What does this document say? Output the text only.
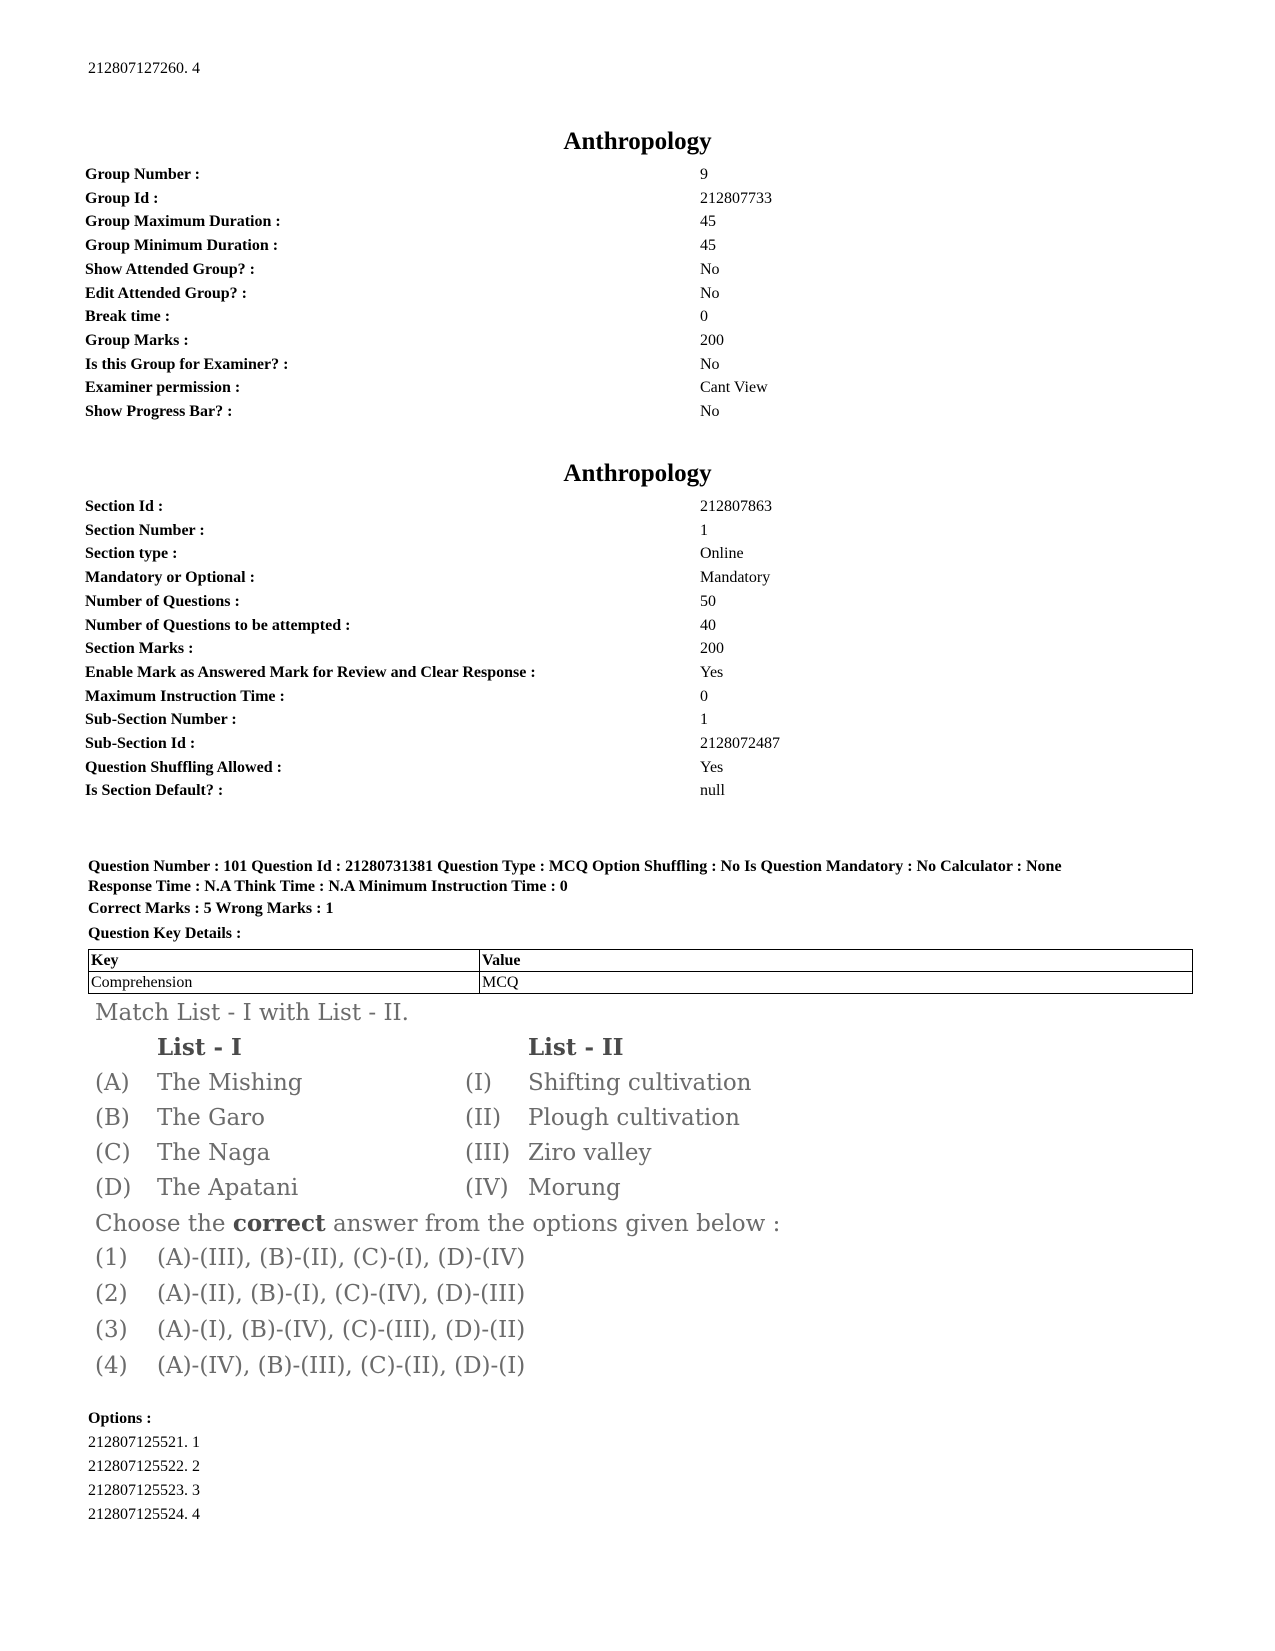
212807127260. 4
Anthropology
Group Number :	9
Group Id :	212807733
Group Maximum Duration :	45
Group Minimum Duration :	45
Show Attended Group? :	No
Edit Attended Group? :	No
Break time :	0
Group Marks :	200
Is this Group for Examiner? :	No
Examiner permission :	Cant View
Show Progress Bar? :	No
Anthropology
Section Id :	212807863
Section Number :	1
Section type :	Online
Mandatory or Optional :	Mandatory
Number of Questions :	50
Number of Questions to be attempted :	40
Section Marks :	200
Enable Mark as Answered Mark for Review and Clear Response :	Yes
Maximum Instruction Time :	0
Sub-Section Number :	1
Sub-Section Id :	2128072487
Question Shuffling Allowed :	Yes
Is Section Default? :	null
Question Number : 101 Question Id : 21280731381 Question Type : MCQ Option Shuffling : No Is Question Mandatory : No Calculator : None
Response Time : N.A Think Time : N.A Minimum Instruction Time : 0
Correct Marks : 5 Wrong Marks : 1
Question Key Details :
Key	Value
Comprehension	MCQ
Match List - I with List - II.
List - I	List - II
(A) The Mishing	(I) Shifting cultivation
(B) The Garo	(II) Plough cultivation
(C) The Naga	(III) Ziro valley
(D) The Apatani	(IV) Morung
Choose the correct answer from the options given below :
(1) (A)-(III), (B)-(II), (C)-(I), (D)-(IV)
(2) (A)-(II), (B)-(I), (C)-(IV), (D)-(III)
(3) (A)-(I), (B)-(IV), (C)-(III), (D)-(II)
(4) (A)-(IV), (B)-(III), (C)-(II), (D)-(I)
Options :
212807125521. 1
212807125522. 2
212807125523. 3
212807125524. 4
